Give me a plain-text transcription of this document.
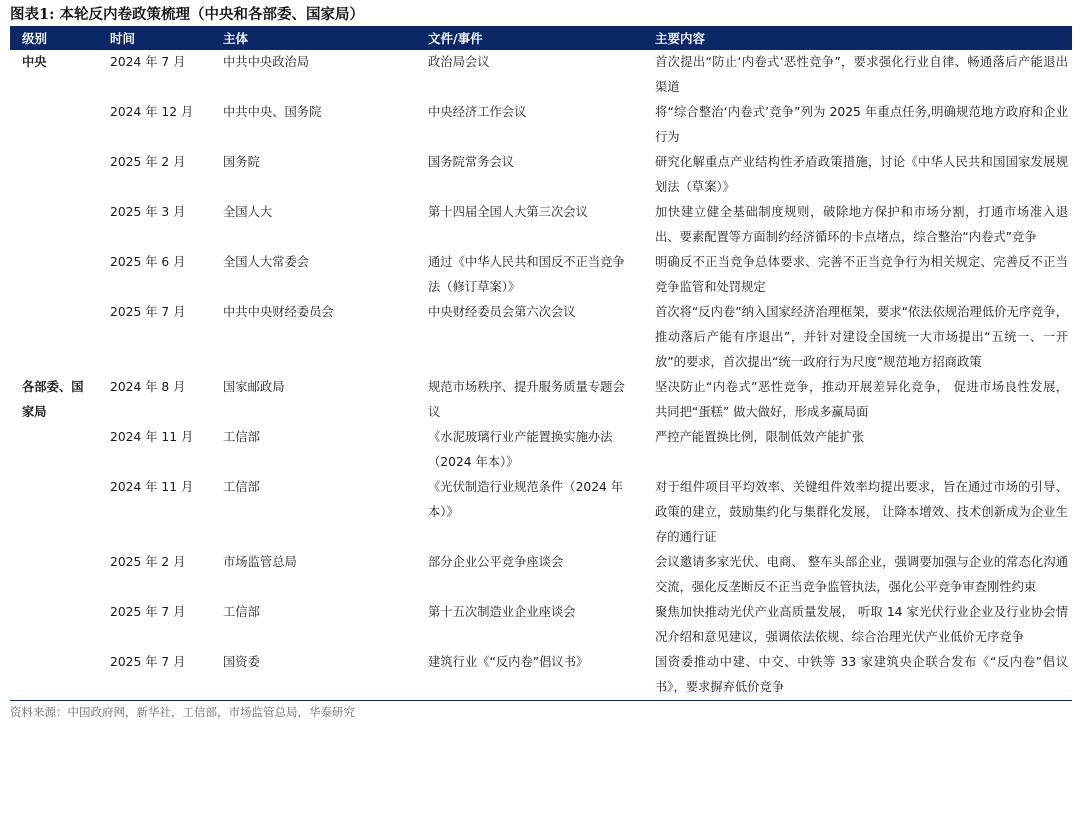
图表1: 本轮反内卷政策梳理（中央和各部委、国家局）
级别	时间	主体	文件/事件	主要内容
中央	2024 年 7 月	中共中央政治局	政治局会议	首次提出“防止‘内卷式’恶性竞争”，要求强化行业自律、畅通落后产能退出渠道
	2024 年 12 月	中共中央、国务院	中央经济工作会议	将“综合整治‘内卷式’竞争”列为 2025 年重点任务,明确规范地方政府和企业行为
	2025 年 2 月	国务院	国务院常务会议	研究化解重点产业结构性矛盾政策措施，讨论《中华人民共和国国家发展规划法（草案）》
	2025 年 3 月	全国人大	第十四届全国人大第三次会议	加快建立健全基础制度规则，破除地方保护和市场分割，打通市场准入退出、要素配置等方面制约经济循环的卡点堵点，综合整治“内卷式”竞争
	2025 年 6 月	全国人大常委会	通过《中华人民共和国反不正当竞争法（修订草案）》	明确反不正当竞争总体要求、完善不正当竞争行为相关规定、完善反不正当竞争监管和处罚规定
	2025 年 7 月	中共中央财经委员会	中央财经委员会第六次会议	首次将“反内卷”纳入国家经济治理框架，要求“依法依规治理低价无序竞争，推动落后产能有序退出”，并针对建设全国统一大市场提出“五统一、一开放”的要求，首次提出“统一政府行为尺度”规范地方招商政策
各部委、国家局	2024 年 8 月	国家邮政局	规范市场秩序、提升服务质量专题会议	坚决防止“内卷式”恶性竞争，推动开展差异化竞争， 促进市场良性发展， 共同把“蛋糕” 做大做好，形成多赢局面
	2024 年 11 月	工信部	《水泥玻璃行业产能置换实施办法（2024 年本）》	严控产能置换比例，限制低效产能扩张
	2024 年 11 月	工信部	《光伏制造行业规范条件（2024 年本）》	对于组件项目平均效率、关键组件效率均提出要求，旨在通过市场的引导、政策的建立，鼓励集约化与集群化发展， 让降本增效、技术创新成为企业生存的通行证
	2025 年 2 月	市场监管总局	部分企业公平竞争座谈会	会议邀请多家光伏、电商、 整车头部企业，强调要加强与企业的常态化沟通交流，强化反垄断反不正当竞争监管执法，强化公平竞争审查刚性约束
	2025 年 7 月	工信部	第十五次制造业企业座谈会	聚焦加快推动光伏产业高质量发展， 听取 14 家光伏行业企业及行业协会情况介绍和意见建议，强调依法依规、综合治理光伏产业低价无序竞争
	2025 年 7 月	国资委	建筑行业《“反内卷”倡议书》	国资委推动中建、中交、中铁等 33 家建筑央企联合发布《“反内卷”倡议书》，要求摒弃低价竞争
资料来源：中国政府网，新华社，工信部，市场监管总局，华泰研究
